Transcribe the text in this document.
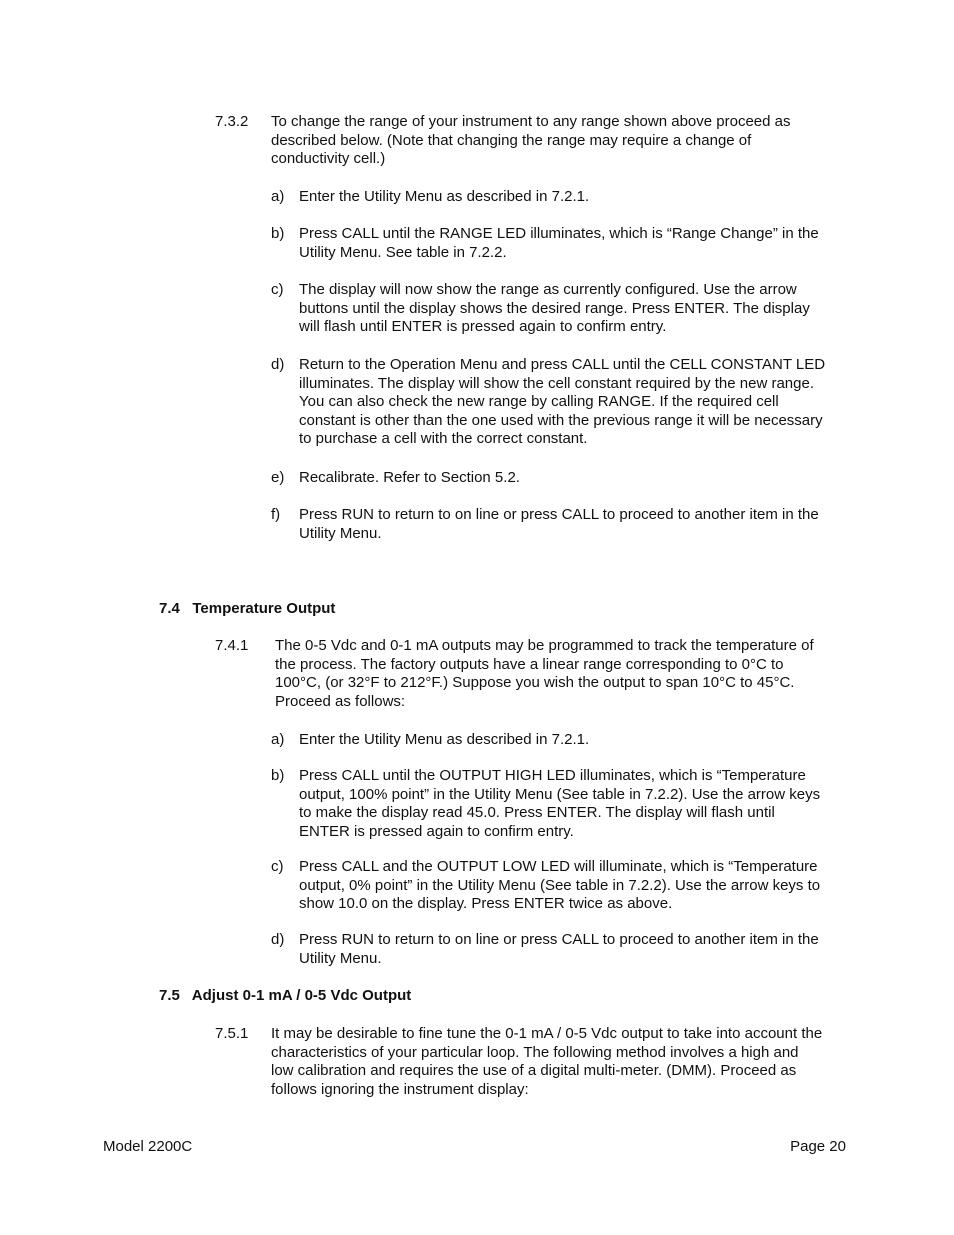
7.3.2 To change the range of your instrument to any range shown above proceed as
described below. (Note that changing the range may require a change of
conductivity cell.)
a) Enter the Utility Menu as described in 7.2.1.
b) Press CALL until the RANGE LED illuminates, which is “Range Change” in the
Utility Menu. See table in 7.2.2.
c) The display will now show the range as currently configured. Use the arrow
buttons until the display shows the desired range. Press ENTER. The display
will flash until ENTER is pressed again to confirm entry.
d) Return to the Operation Menu and press CALL until the CELL CONSTANT LED
illuminates. The display will show the cell constant required by the new range.
You can also check the new range by calling RANGE. If the required cell
constant is other than the one used with the previous range it will be necessary
to purchase a cell with the correct constant.
e) Recalibrate. Refer to Section 5.2.
f) Press RUN to return to on line or press CALL to proceed to another item in the
Utility Menu.
7.4   Temperature Output
7.4.1 The 0-5 Vdc and 0-1 mA outputs may be programmed to track the temperature of
the process. The factory outputs have a linear range corresponding to 0°C to
100°C, (or 32°F to 212°F.) Suppose you wish the output to span 10°C to 45°C.
Proceed as follows:
a) Enter the Utility Menu as described in 7.2.1.
b) Press CALL until the OUTPUT HIGH LED illuminates, which is “Temperature
output, 100% point” in the Utility Menu (See table in 7.2.2). Use the arrow keys
to make the display read 45.0. Press ENTER. The display will flash until
ENTER is pressed again to confirm entry.
c) Press CALL and the OUTPUT LOW LED will illuminate, which is “Temperature
output, 0% point” in the Utility Menu (See table in 7.2.2). Use the arrow keys to
show 10.0 on the display. Press ENTER twice as above.
d) Press RUN to return to on line or press CALL to proceed to another item in the
Utility Menu.
7.5   Adjust 0-1 mA / 0-5 Vdc Output
7.5.1 It may be desirable to fine tune the 0-1 mA / 0-5 Vdc output to take into account the
characteristics of your particular loop. The following method involves a high and
low calibration and requires the use of a digital multi-meter. (DMM). Proceed as
follows ignoring the instrument display:
Model 2200C	Page 20
